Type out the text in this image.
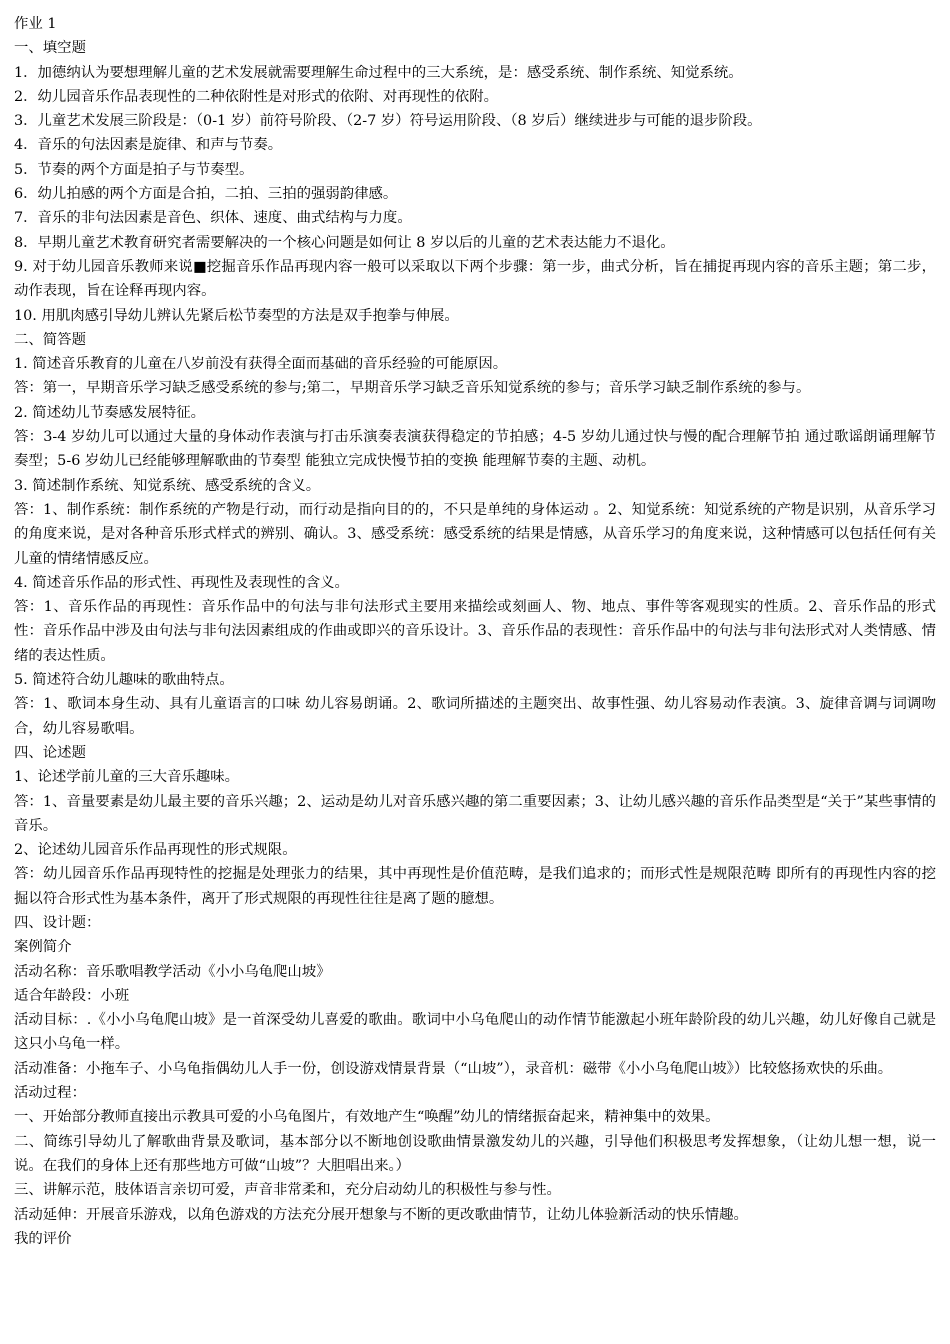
作业 1

一、填空题

1．加德纳认为要想理解儿童的艺术发展就需要理解生命过程中的三大系统，是：感受系统、制作系统、知觉系统。

2．幼儿园音乐作品表现性的二种依附性是对形式的依附、对再现性的依附。

3．儿童艺术发展三阶段是：（0-1 岁）前符号阶段、（2-7 岁）符号运用阶段、（8 岁后）继续进步与可能的退步阶段。

4．音乐的句法因素是旋律、和声与节奏。

5．节奏的两个方面是拍子与节奏型。

6．幼儿拍感的两个方面是合拍，二拍、三拍的强弱韵律感。

7．音乐的非句法因素是音色、织体、速度、曲式结构与力度。

8．早期儿童艺术教育研究者需要解决的一个核心问题是如何让 8 岁以后的儿童的艺术表达能力不退化。

9. 对于幼儿园音乐教师来说■挖掘音乐作品再现内容一般可以采取以下两个步骤：第一步，曲式分析，旨在捕捉再现内容的音乐主题；第二步，动作表现，旨在诠释再现内容。

10. 用肌肉感引导幼儿辨认先紧后松节奏型的方法是双手抱拳与伸展。

二、简答题

1. 简述音乐教育的儿童在八岁前没有获得全面而基础的音乐经验的可能原因。

答：第一，早期音乐学习缺乏感受系统的参与;第二，早期音乐学习缺乏音乐知觉系统的参与；音乐学习缺乏制作系统的参与。

2. 简述幼儿节奏感发展特征。

答：3-4 岁幼儿可以通过大量的身体动作表演与打击乐演奏表演获得稳定的节拍感；4-5 岁幼儿通过快与慢的配合理解节拍 通过歌谣朗诵理解节奏型；5-6 岁幼儿已经能够理解歌曲的节奏型 能独立完成快慢节拍的变换 能理解节奏的主题、动机。

3. 简述制作系统、知觉系统、感受系统的含义。

答：1、制作系统：制作系统的产物是行动，而行动是指向目的的，不只是单纯的身体运动 。2、知觉系统：知觉系统的产物是识别，从音乐学习的角度来说，是对各种音乐形式样式的辨别、确认。3、感受系统：感受系统的结果是情感，从音乐学习的角度来说，这种情感可以包括任何有关儿童的情绪情感反应。

4. 简述音乐作品的形式性、再现性及表现性的含义。

答：1、音乐作品的再现性：音乐作品中的句法与非句法形式主要用来描绘或刻画人、物、地点、事件等客观现实的性质。2、音乐作品的形式性：音乐作品中涉及由句法与非句法因素组成的作曲或即兴的音乐设计。3、音乐作品的表现性：音乐作品中的句法与非句法形式对人类情感、情绪的表达性质。

5. 简述符合幼儿趣味的歌曲特点。

答：1、歌词本身生动、具有儿童语言的口味 幼儿容易朗诵。2、歌词所描述的主题突出、故事性强、幼儿容易动作表演。3、旋律音调与词调吻合，幼儿容易歌唱。

四、论述题

1、论述学前儿童的三大音乐趣味。

答：1、音量要素是幼儿最主要的音乐兴趣；2、运动是幼儿对音乐感兴趣的第二重要因素；3、让幼儿感兴趣的音乐作品类型是“关于”某些事情的音乐。

2、论述幼儿园音乐作品再现性的形式规限。

答：幼儿园音乐作品再现特性的挖掘是处理张力的结果，其中再现性是价值范畴，是我们追求的；而形式性是规限范畴 即所有的再现性内容的挖掘以符合形式性为基本条件，离开了形式规限的再现性往往是离了题的臆想。

四、设计题：

案例简介

活动名称：音乐歌唱教学活动《小小乌龟爬山坡》

适合年龄段：小班

活动目标：.《小小乌龟爬山坡》是一首深受幼儿喜爱的歌曲。歌词中小乌龟爬山的动作情节能激起小班年龄阶段的幼儿兴趣，幼儿好像自己就是这只小乌龟一样。

活动准备：小拖车子、小乌龟指偶幼儿人手一份，创设游戏情景背景（“山坡”），录音机：磁带《小小乌龟爬山坡》）比较悠扬欢快的乐曲。

活动过程：

一、开始部分教师直接出示教具可爱的小乌龟图片，有效地产生“唤醒”幼儿的情绪振奋起来，精神集中的效果。

二、简练引导幼儿了解歌曲背景及歌词，基本部分以不断地创设歌曲情景激发幼儿的兴趣，引导他们积极思考发挥想象，（让幼儿想一想，说一说。在我们的身体上还有那些地方可做“山坡”？大胆唱出来。）

三、讲解示范，肢体语言亲切可爱，声音非常柔和，充分启动幼儿的积极性与参与性。

活动延伸：开展音乐游戏，以角色游戏的方法充分展开想象与不断的更改歌曲情节，让幼儿体验新活动的快乐情趣。

我的评价
